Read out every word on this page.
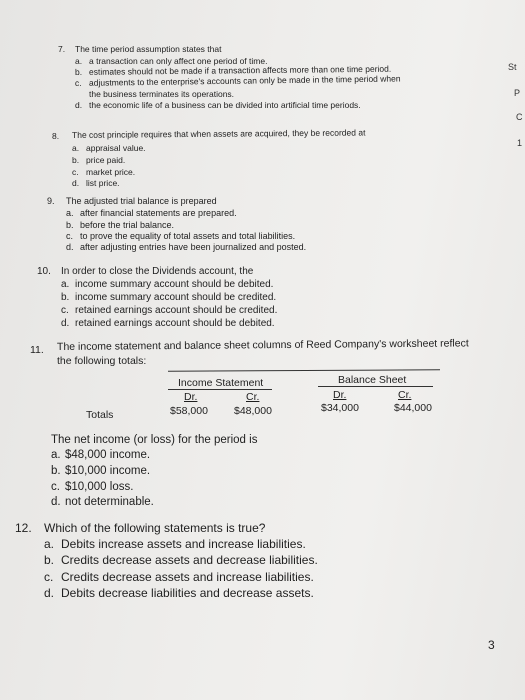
St
P
C
1
7. The time period assumption states that
a. a transaction can only affect one period of time.
b. estimates should not be made if a transaction affects more than one time period.
c. adjustments to the enterprise's accounts can only be made in the time period when
the business terminates its operations.
d. the economic life of a business can be divided into artificial time periods.
8. The cost principle requires that when assets are acquired, they be recorded at
a. appraisal value.
b. price paid.
c. market price.
d. list price.
9. The adjusted trial balance is prepared
a. after financial statements are prepared.
b. before the trial balance.
c. to prove the equality of total assets and total liabilities.
d. after adjusting entries have been journalized and posted.
10. In order to close the Dividends account, the
a. income summary account should be debited.
b. income summary account should be credited.
c. retained earnings account should be credited.
d. retained earnings account should be debited.
11. The income statement and balance sheet columns of Reed Company's worksheet reflect
the following totals:
Income Statement	Balance Sheet
Dr.	Cr.	Dr.	Cr.
Totals	$58,000 $48,000	$34,000	$44,000
The net income (or loss) for the period is
a. $48,000 income.
b. $10,000 income.
c. $10,000 loss.
d. not determinable.
12. Which of the following statements is true?
a. Debits increase assets and increase liabilities.
b. Credits decrease assets and decrease liabilities.
c. Credits decrease assets and increase liabilities.
d. Debits decrease liabilities and decrease assets.
3
